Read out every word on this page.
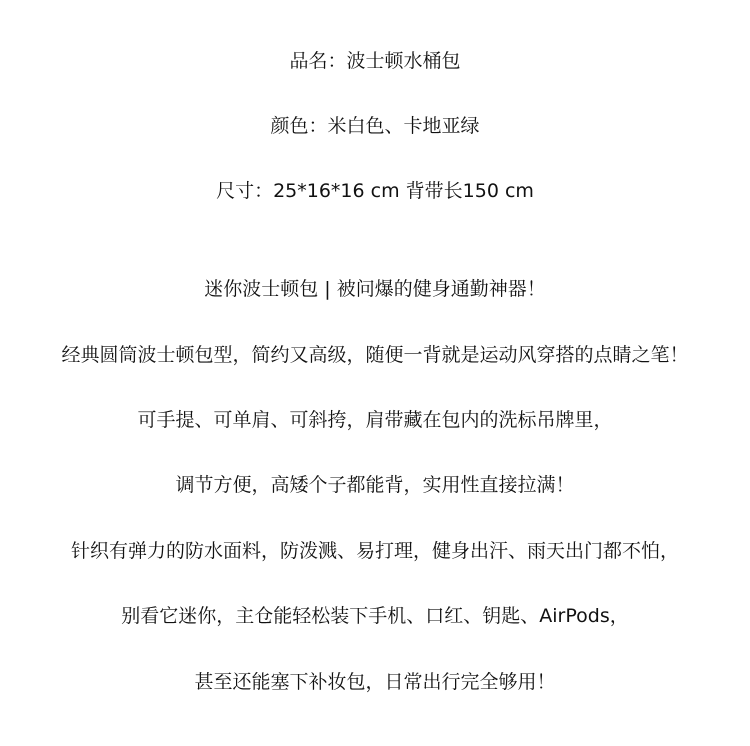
品名：波士顿水桶包
颜色：米白色、卡地亚绿
尺寸：25*16*16 cm 背带长150 cm
迷你波士顿包 | 被问爆的健身通勤神器！
经典圆筒波士顿包型，简约又高级，随便一背就是运动风穿搭的点睛之笔！
可手提、可单肩、可斜挎，肩带藏在包内的洗标吊牌里，
调节方便，高矮个子都能背，实用性直接拉满！
针织有弹力的防水面料，防泼溅、易打理，健身出汗、雨天出门都不怕，
别看它迷你，主仓能轻松装下手机、口红、钥匙、AirPods，
甚至还能塞下补妆包，日常出行完全够用！
